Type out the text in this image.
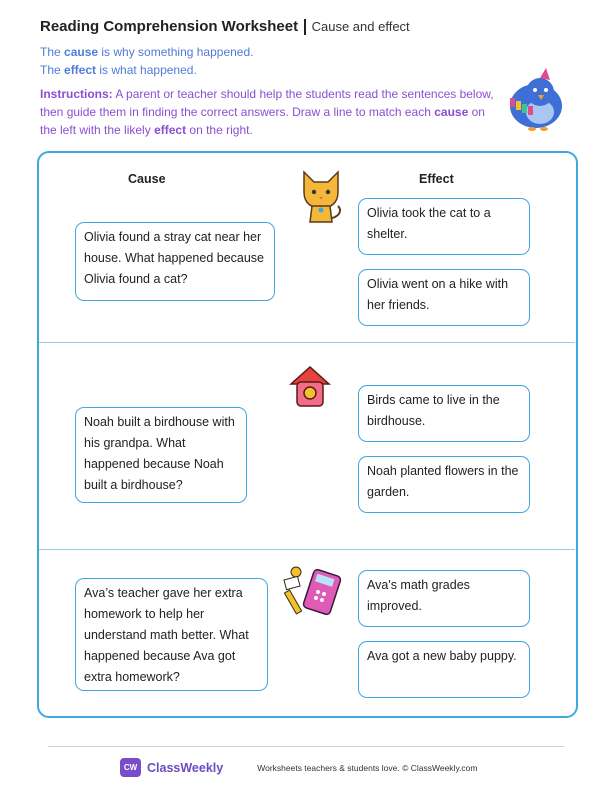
Reading Comprehension Worksheet Cause and effect
The cause is why something happened.
The effect is what happened.
Instructions: A parent or teacher should help the students read the sentences below, then guide them in finding the correct answers. Draw a line to match each cause on the left with the likely effect on the right.
Cause	Effect
Olivia found a stray cat near her house. What happened because Olivia found a cat?
Olivia took the cat to a shelter.
Olivia went on a hike with her friends.
Noah built a birdhouse with his grandpa. What happened because Noah built a birdhouse?
Birds came to live in the birdhouse.
Noah planted flowers in the garden.
Ava’s teacher gave her extra homework to help her understand math better. What happened because Ava got extra homework?
Ava's math grades improved.
Ava got a new baby puppy.
CW ClassWeekly	Worksheets teachers & students love. © ClassWeekly.com
